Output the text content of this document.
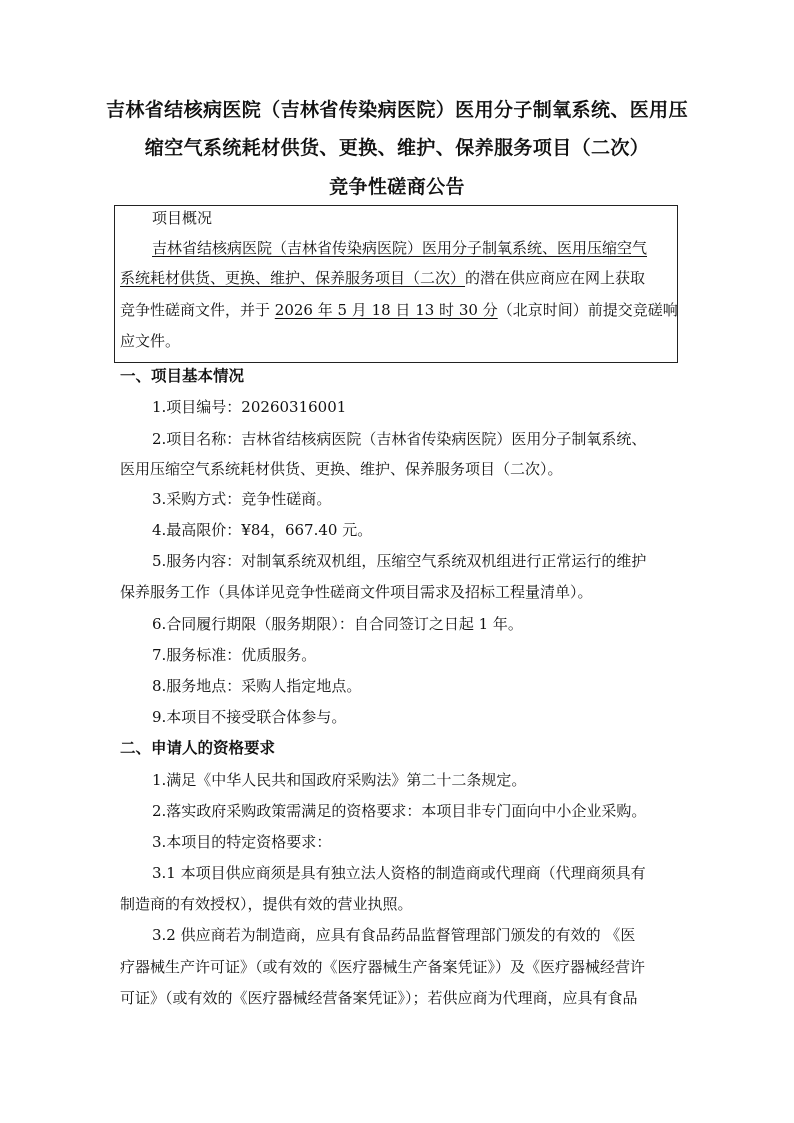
吉林省结核病医院（吉林省传染病医院）医用分子制氧系统、医用压
缩空气系统耗材供货、更换、维护、保养服务项目（二次）
竞争性磋商公告
项目概况
吉林省结核病医院（吉林省传染病医院）医用分子制氧系统、医用压缩空气
系统耗材供货、更换、维护、保养服务项目（二次）的潜在供应商应在网上获取
竞争性磋商文件，并于 2026 年 5 月 18 日 13 时 30 分（北京时间）前提交竞磋响
应文件。
一、项目基本情况
1.项目编号：20260316001
2.项目名称：吉林省结核病医院（吉林省传染病医院）医用分子制氧系统、
医用压缩空气系统耗材供货、更换、维护、保养服务项目（二次）。
3.采购方式：竞争性磋商。
4.最高限价：¥84，667.40 元。
5.服务内容：对制氧系统双机组，压缩空气系统双机组进行正常运行的维护
保养服务工作（具体详见竞争性磋商文件项目需求及招标工程量清单）。
6.合同履行期限（服务期限）：自合同签订之日起 1 年。
7.服务标准：优质服务。
8.服务地点：采购人指定地点。
9.本项目不接受联合体参与。
二、申请人的资格要求
1.满足《中华人民共和国政府采购法》第二十二条规定。
2.落实政府采购政策需满足的资格要求：本项目非专门面向中小企业采购。
3.本项目的特定资格要求：
3.1 本项目供应商须是具有独立法人资格的制造商或代理商（代理商须具有
制造商的有效授权），提供有效的营业执照。
3.2 供应商若为制造商，应具有食品药品监督管理部门颁发的有效的 《医
疗器械生产许可证》（或有效的《医疗器械生产备案凭证》）及《医疗器械经营许
可证》（或有效的《医疗器械经营备案凭证》）；若供应商为代理商，应具有食品
